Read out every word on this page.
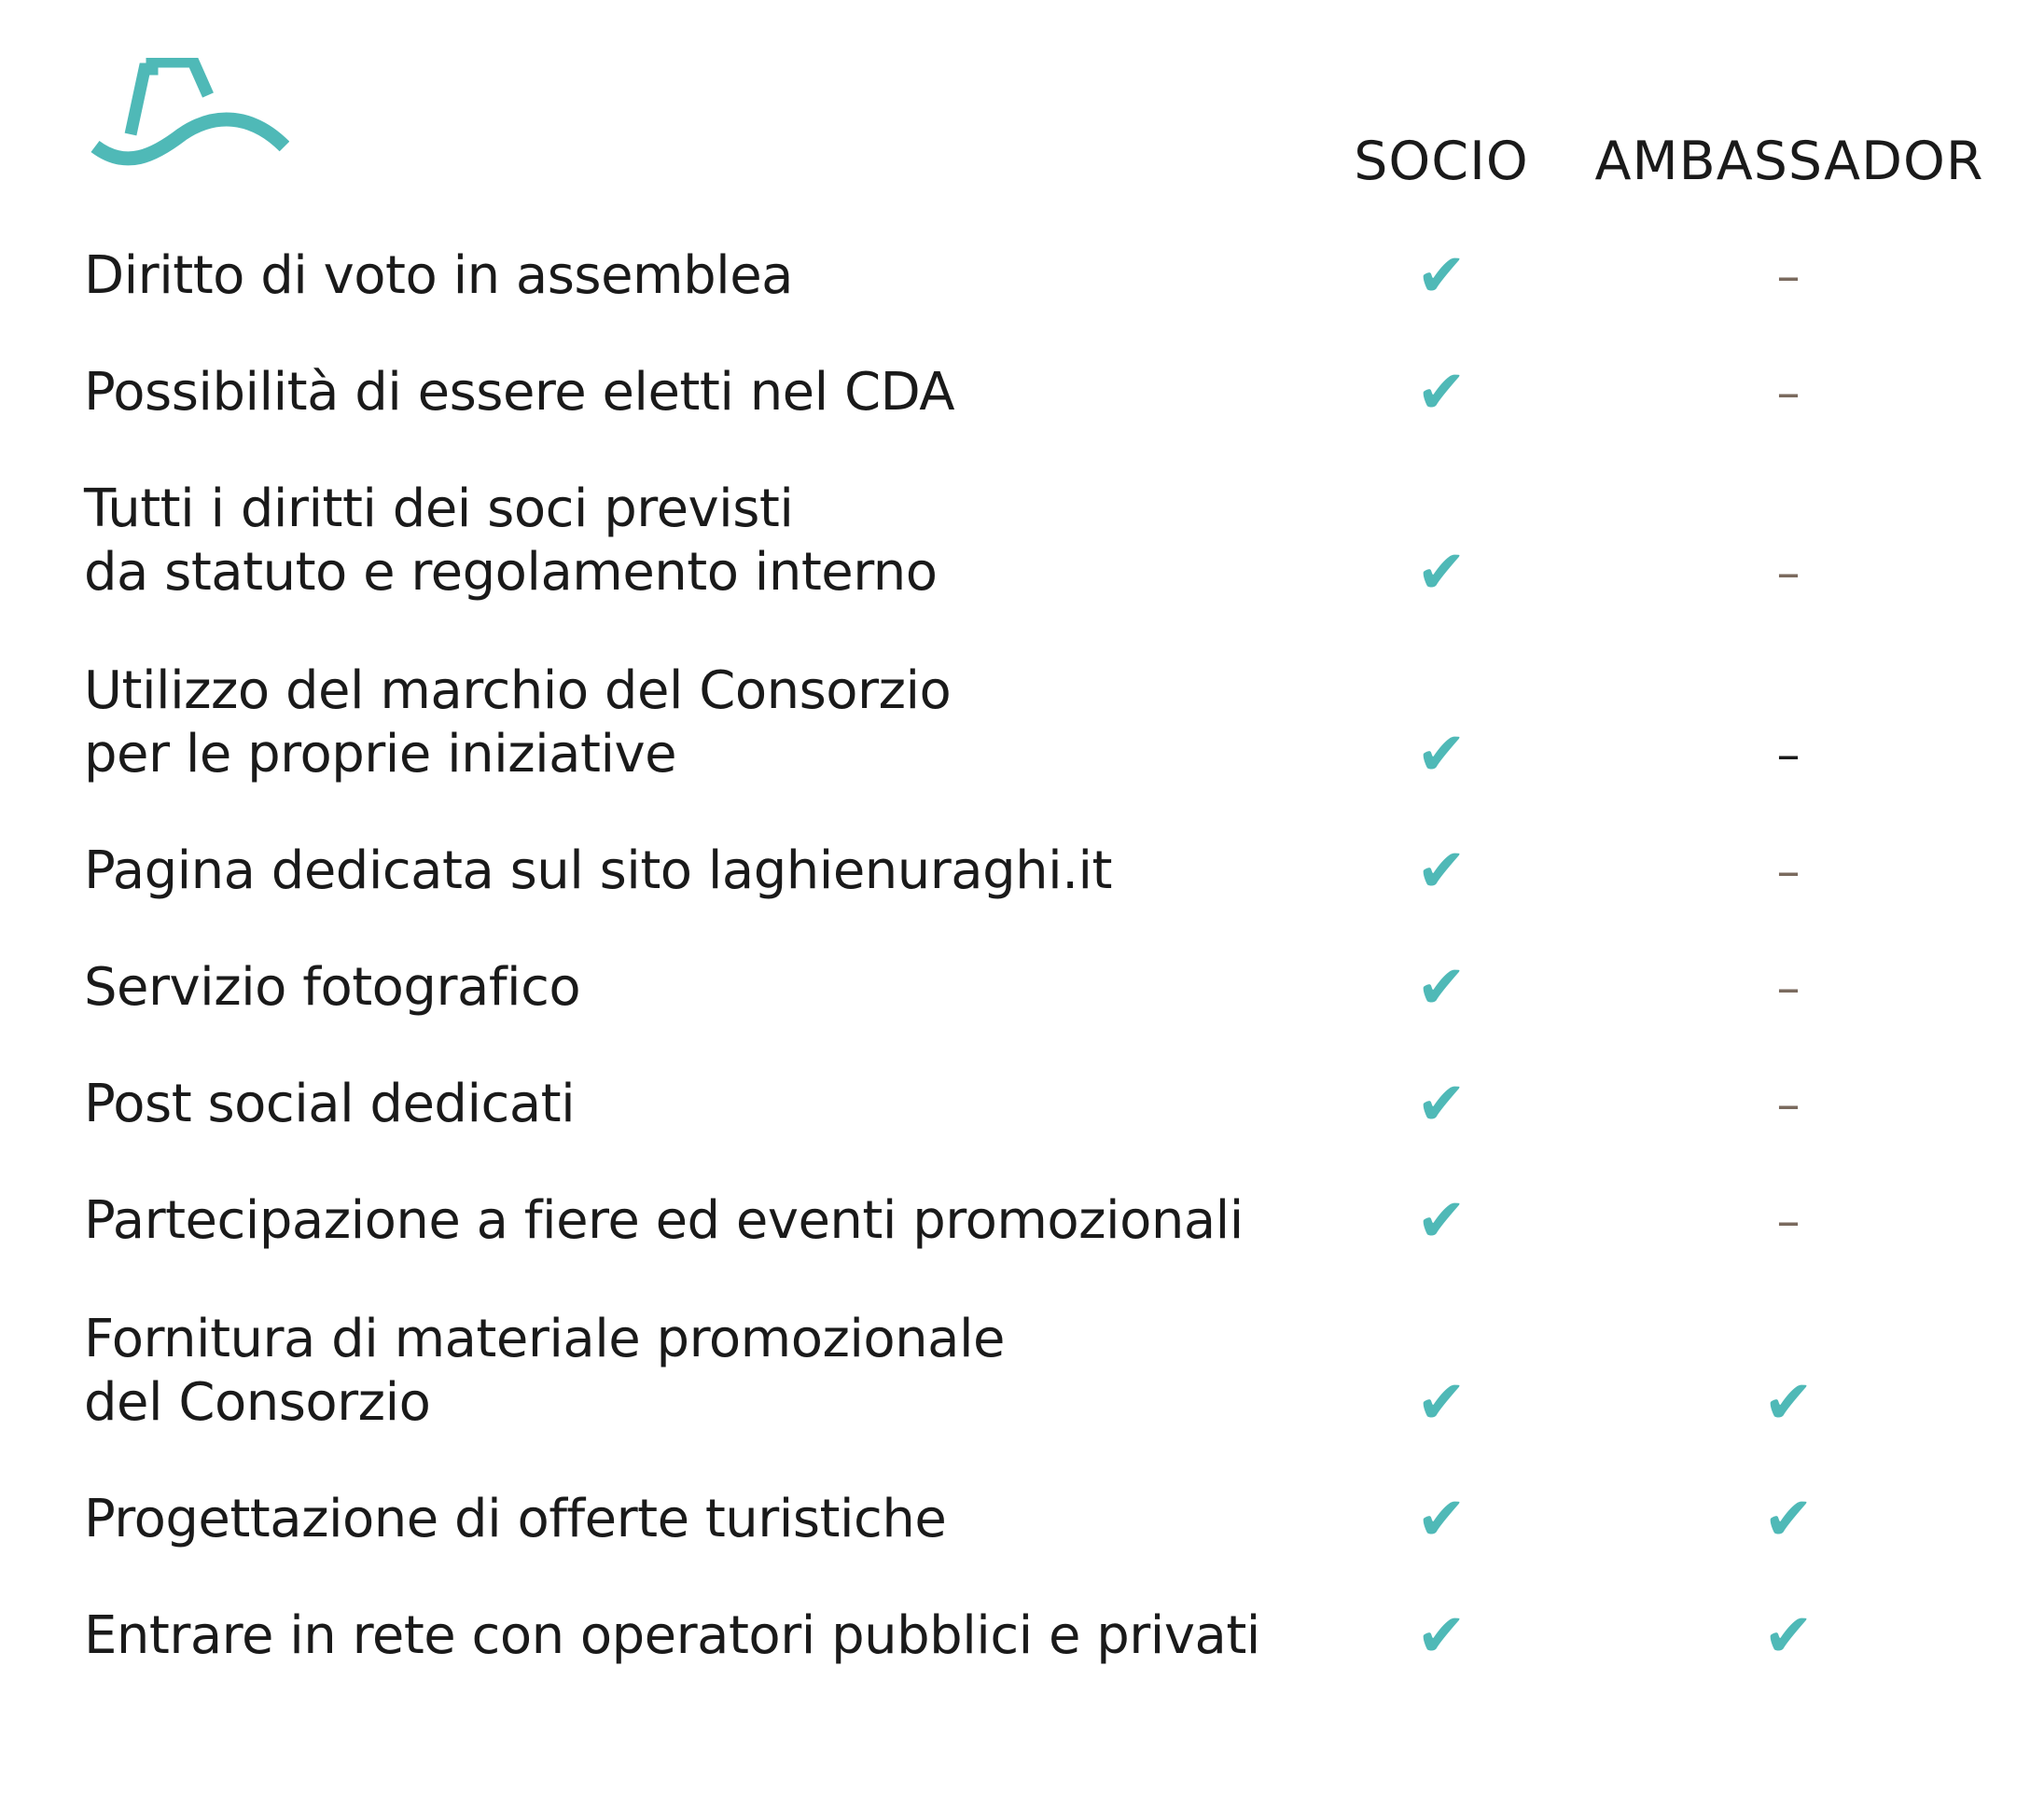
SOCIO AMBASSADOR
Diritto di voto in assemblea	✔	–
Possibilità di essere eletti nel CDA	✔	–
Tutti i diritti dei soci previsti
da statuto e regolamento interno	✔	–
Utilizzo del marchio del Consorzio
per le proprie iniziative	✔	–
Pagina dedicata sul sito laghienuraghi.it	✔	–
Servizio fotografico	✔	–
Post social dedicati	✔	–
Partecipazione a fiere ed eventi promozionali	✔	–
Fornitura di materiale promozionale
del Consorzio	✔	✔
Progettazione di offerte turistiche	✔	✔
Entrare in rete con operatori pubblici e privati	✔	✔
